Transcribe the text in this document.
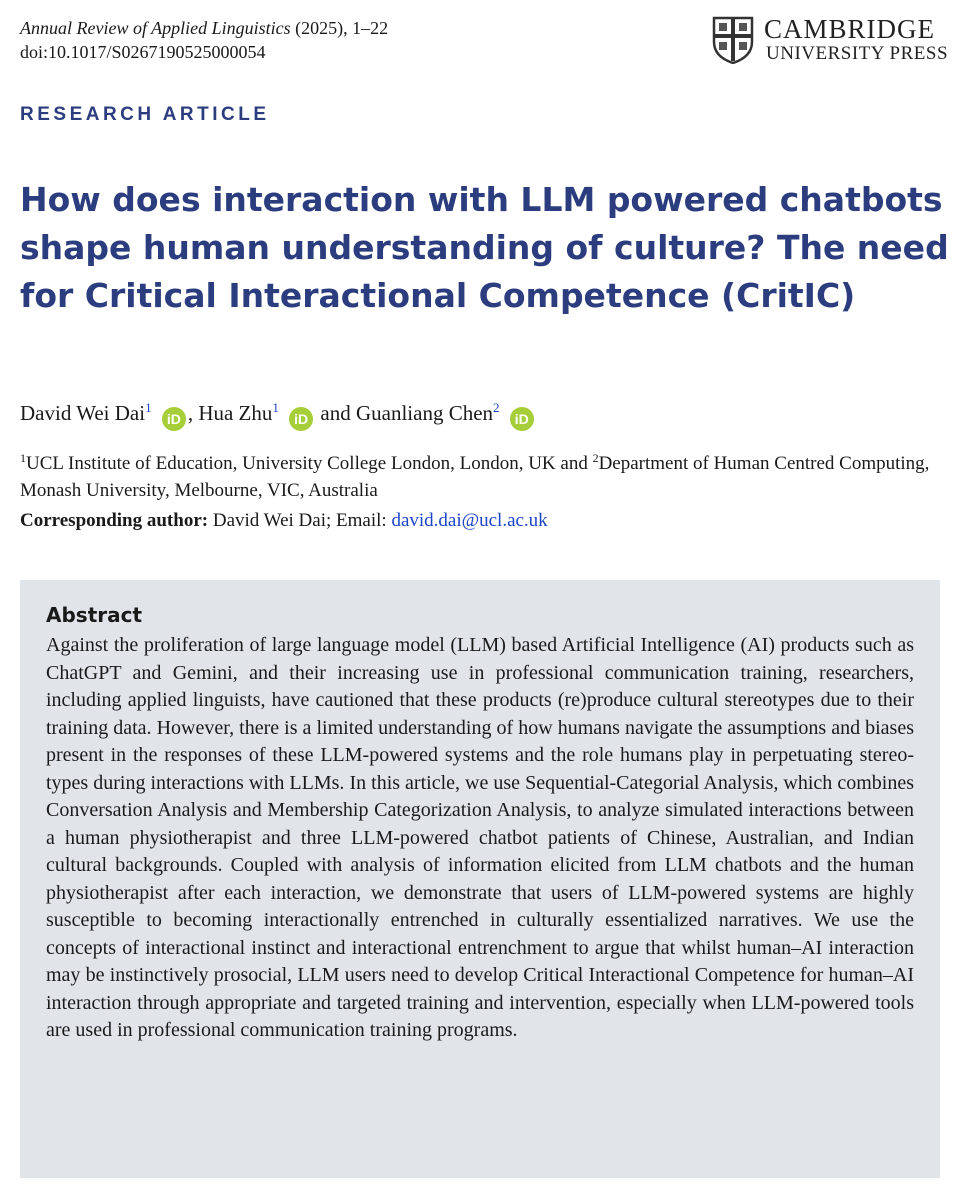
Annual Review of Applied Linguistics (2025), 1–22
doi:10.1017/S0267190525000054
CAMBRIDGE
UNIVERSITY PRESS
RESEARCH ARTICLE
How does interaction with LLM powered chatbots shape human understanding of culture? The need for Critical Interactional Competence (CritIC)
David Wei Dai$^1$ iD , Hua Zhu$^1$ iD and Guanliang Chen$^2$ iD
$^1$UCL Institute of Education, University College London, London, UK and $^2$Department of Human Centred Computing, Monash University, Melbourne, VIC, Australia
Corresponding author: David Wei Dai; Email: david.dai@ucl.ac.uk
Abstract

Against the proliferation of large language model (LLM) based Artificial Intelligence (AI) products such as ChatGPT and Gemini, and their increasing use in professional communication training, researchers, including applied linguists, have cautioned that these products (re)produce cultural stereotypes due to their training data. However, there is a limited understanding of how humans navigate the assumptions and biases present in the responses of these LLM-powered systems and the role humans play in perpetuating stereotypes during interactions with LLMs. In this article, we use Sequential-Categorial Analysis, which combines Conversation Analysis and Membership Categorization Analysis, to analyze simulated interactions between a human physiotherapist and three LLM-powered chatbot patients of Chinese, Australian, and Indian cultural backgrounds. Coupled with analysis of information elicited from LLM chatbots and the human physiotherapist after each interaction, we demonstrate that users of LLM-powered systems are highly susceptible to becoming interactionally entrenched in culturally essentialized narratives. We use the concepts of interactional instinct and interactional entrenchment to argue that whilst human–AI interaction may be instinctively prosocial, LLM users need to develop Critical Interactional Competence for human–AI interaction through appropriate and targeted training and intervention, especially when LLM-powered tools are used in professional communication training programs.
